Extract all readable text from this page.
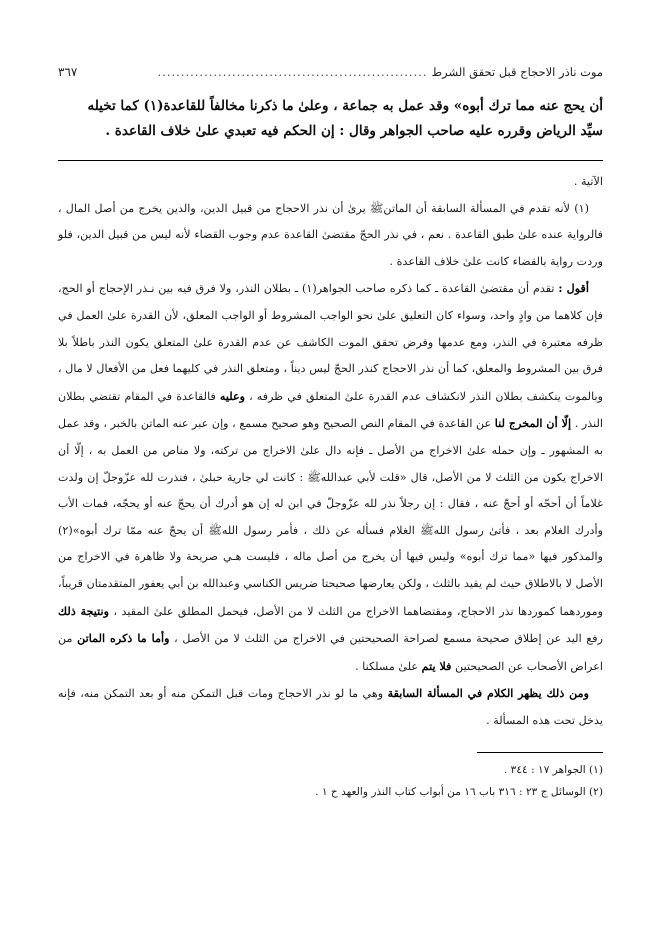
موت ناذر الاحجاج قبل تحقق الشرط
..........................................................
٣٦٧

أن يحج عنه مما ترك أبوه» وقد عمل به جماعة ، وعلىٰ ما ذكرنا مخالفاً للقاعدة(١) كما تخيله

سيِّد الرياض وقرره عليه صاحب الجواهر وقال : إن الحكم فيه تعبدي علىٰ خلاف القاعدة .

الآتية .

(١) لأنه تقدم في المسألة السابقة أن الماتنﷺ يرىٰ أن نذر الاحجاج من قبيل الدين، والدين يخرج من أصل المال ، فالرواية عنده علىٰ طبق القاعدة . نعم ، في نذر الحجّ مقتضىٰ القاعدة عدم وجوب القضاء لأنه ليس من قبيل الدين، فلو وردت رواية بالقضاء كانت علىٰ خلاف القاعدة .

أقول : تقدم أن مقتضىٰ القاعدة ـ كما ذكره صاحب الجواهر(١) ـ بطلان النذر، ولا فرق فيه بين نـذر الإحجاج أو الحج، فإن كلاهما من وادٍ واحد، وسواء كان التعليق علىٰ نحو الواجب المشروط أو الواجب المعلق، لأن القدرة علىٰ العمل في ظرفه معتبرة في النذر، ومع عدمها وفرض تحقق الموت الكاشف عن عدم القدرة علىٰ المتعلق يكون النذر باطلاً بلا فرق بين المشروط والمعلق، كما أن نذر الاحجاج كنذر الحجّ ليس ديناً ، ومتعلق النذر في كليهما فعل من الأفعال لا مال ، وبالموت ينكشف بطلان النذر لانكشاف عدم القدرة علىٰ المتعلق في ظرفه ، وعليه فالقاعدة في المقام تقتضي بطلان النذر . إلّا أن المخرج لنا عن القاعدة في المقام النص الصحيح وهو صحيح مسمع ، وإن عبر عنه الماتن بالخبر ، وقد عمل به المشهور ـ وإن حمله علىٰ الاخراج من الأصل ـ فإنه دال علىٰ الاخراج من تركته، ولا مناص من العمل به ، إلّا أن الاخراج يكون من الثلث لا من الأصل، قال «قلت لأبي عبداللهﷺ : كانت لي جارية حبلىٰ ، فنذرت لله عزّوجلّ إن ولدت غلاماً أن أحجّه أو أحجّ عنه ، فقال : إن رجلاً نذر لله عزّوجلّ في ابن له إن هو أدرك أن يحجّ عنه أو يحجّه، فمات الأب وأدرك الغلام بعد ، فأتىٰ رسول اللهﷺ الغلام فسأله عن ذلك ، فأمر رسول اللهﷺ أن يحجّ عنه ممّا ترك أبوه»(٢) والمذكور فيها «مما ترك أبوه» وليس فيها أن يخرج من أصل ماله ، فليست هـي صريحة ولا ظاهرة في الاخراج من الأصل لا بالاطلاق حيث لم يقيد بالثلث ، ولكن يعارضها صحيحتا ضريس الكناسي وعبدالله بن أبي يعفور المتقدمتان قريباً، وموردهما كموردها نذر الاحجاج، ومقتضاهما الاخراج من الثلث لا من الأصل، فيحمل المطلق علىٰ المقيد ، ونتيجة ذلك رفع اليد عن إطلاق صحيحة مسمع لصراحة الصحيحتين في الاخراج من الثلث لا من الأصل ، وأما ما ذكره الماتن من اعراض الأصحاب عن الصحيحتين فلا يتم علىٰ مسلكنا .

ومن ذلك يظهر الكلام في المسألة السابقة وهي ما لو نذر الاحجاج ومات قبل التمكن منه أو بعد التمكن منه، فإنه يدخل تحت هذه المسألة .

(١) الجواهر ١٧ : ٣٤٤ .

(٢) الوسائل ج ٢٣ : ٣١٦ باب ١٦ من أبواب كتاب النذر والعهد ح ١ .
